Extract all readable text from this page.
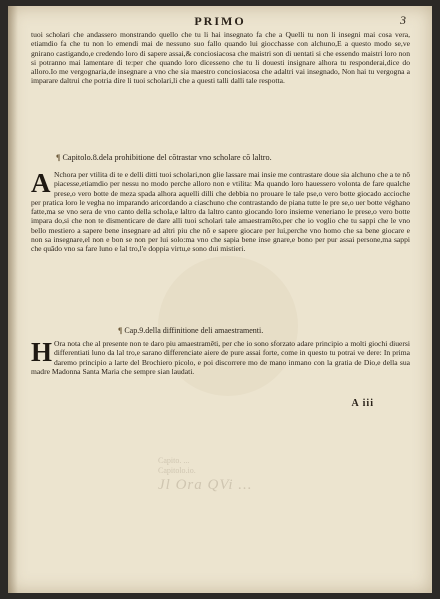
PRIMO	3

tuoi scholari che andassero monstrando quello che tu li hai insegnato fa che a Quelli tu non li insegni mai cosa vera, etiamdio fa che tu non lo emendi mai de nessuno suo fallo quando lui giocchasse con alchuno,E a questo modo se,ve gnirano castigando,e credendo loro di sapere assai,& conciosiacosa che maistri son di uentati si che essendo maistri loro non si potranno mai lamentare di te:per che quando loro dicesseno che tu li douesti insignare alhora tu responderai,dice do alloro.Io me vergognaria,de insegnare a vno che sia maestro conciosiacosa che adaltri vai insegnado, Non hai tu vergogna a imparare daltrui che potria dire li tuoi scholari,li che a questi talli dalli tale respotta.

¶ Capitolo.8.dela prohibitione del cōtrastar vno scholare cō laltro.

A Nchora per vtilita di te e delli ditti tuoi scholari,non glie lassare mai insie me contrastare doue sia alchuno che a te nō piacesse,etiamdio per nessu no modo perche alloro non e vtilita: Ma quando loro hauessero volonta de fare qualche prese,o vero botte de meza spada alhora aquelli dilli che debbia no prouare le tale pse,o vero botte giocado accioche per pratica loro le vegha no imparando aricordando a ciaschuno che contrastando de piana tutte le pre se,o uer botte véghano fatte,ma se vno sera de vno canto della schola,e laltro da laltro canto giocando loro insieme veneriano le prese,o vero botte impara do,si che non te dismenticare de dare alli tuoi scholari tale amaestramēto,per che io voglio che tu sappi che le vno bello mestiero a sapere bene insegnare ad altri piu che nō e sapere giocare per lui,perche vno homo che sa bene giocare e non sa insegnare,el non e bon se non per lui solo:ma vno che sapia bene inse gnare,e bono per pur assai persone,ma sappi che quādo vno sa fare luno e lal tro,l'e doppia virtu,e sono dui mistieri.

¶ Cap.9.della diffinitione deli amaestramenti.

H Ora nota che al presente non te daro piu amaestramēti, per che io sono sforzato adare principio a molti giochi diuersi differentiati luno da lal tro,e sarano differenciate aiere de pure assai forte, come in questo tu potrai ve dere: In prima daremo principio a larte del Brochiero picolo, e poi discorrere mo de mano inmano con la gratia de Dio,e della sua madre Madonna Santa Maria che sempre sian laudati.

A iii

Capito. ...
Capitolo.io.
Jl Ora QVi ...
